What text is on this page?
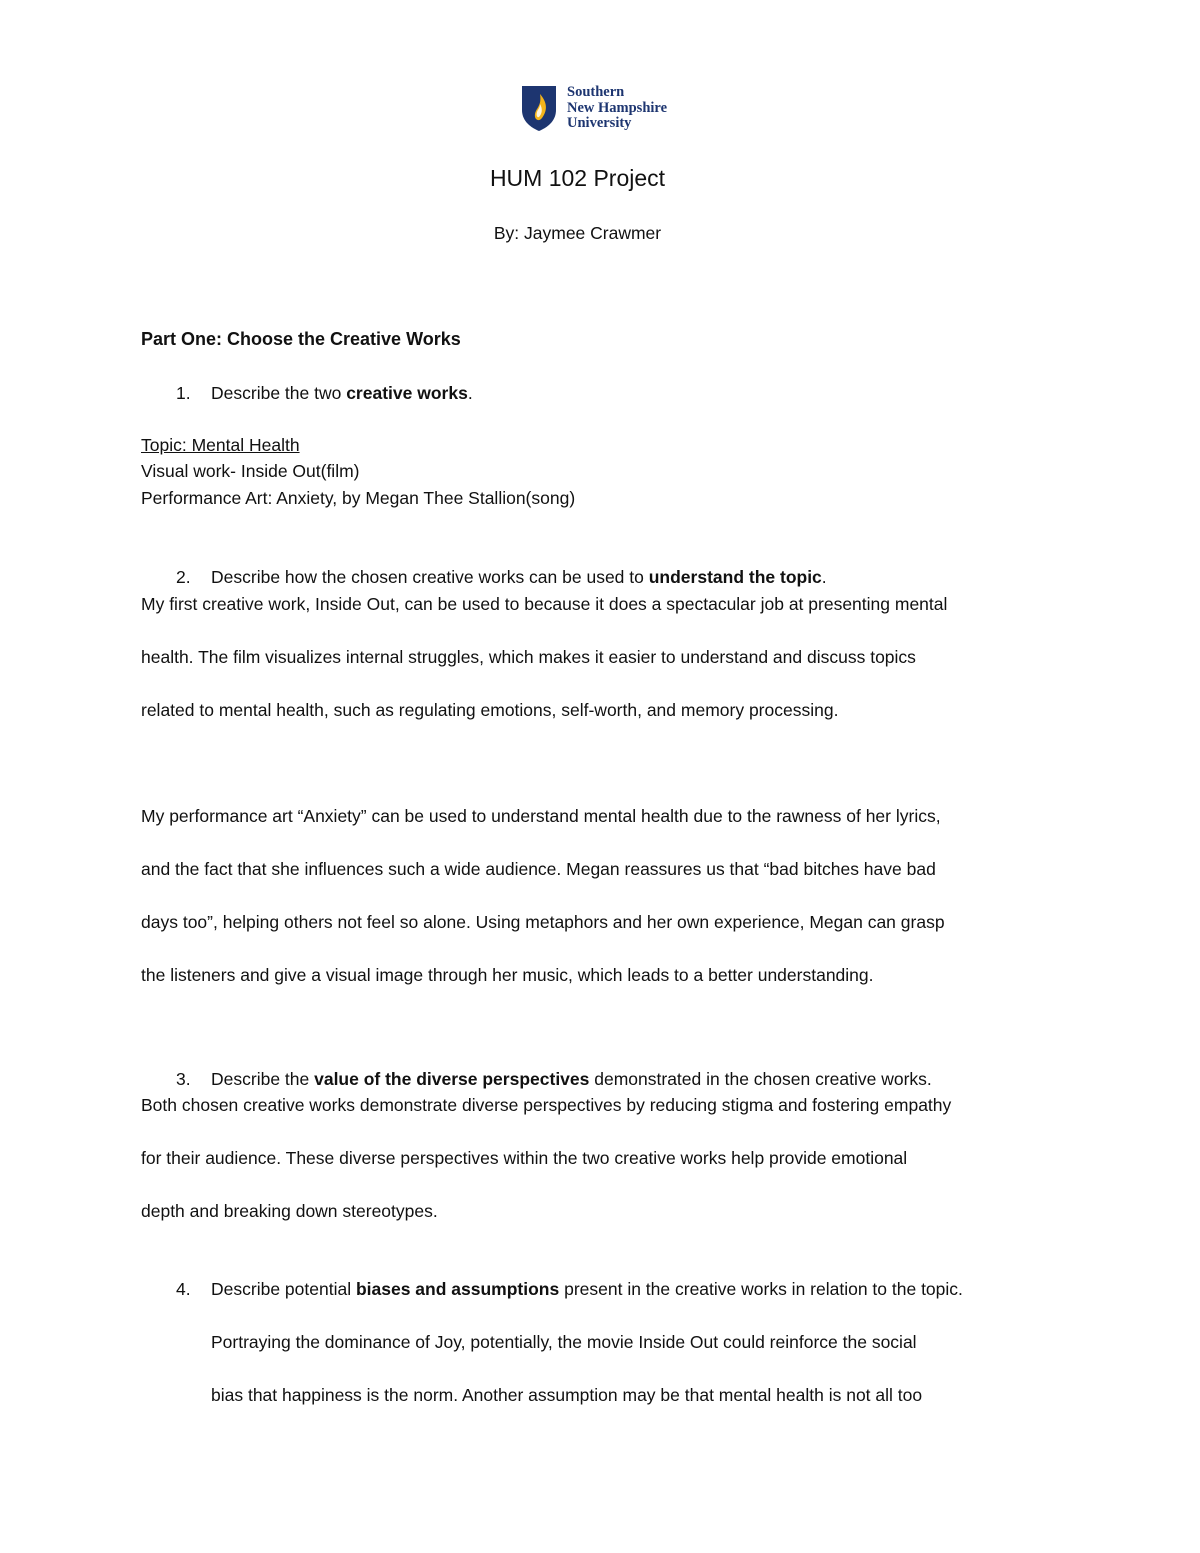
Southern
New Hampshire
University
HUM 102 Project
By: Jaymee Crawmer
Part One: Choose the Creative Works
1. Describe the two creative works.
Topic: Mental Health
Visual work- Inside Out(film)
Performance Art: Anxiety, by Megan Thee Stallion(song)
2. Describe how the chosen creative works can be used to understand the topic.

My first creative work, Inside Out, can be used to because it does a spectacular job at presenting mental

health. The film visualizes internal struggles, which makes it easier to understand and discuss topics

related to mental health, such as regulating emotions, self-worth, and memory processing.

My performance art “Anxiety” can be used to understand mental health due to the rawness of her lyrics,

and the fact that she influences such a wide audience. Megan reassures us that “bad bitches have bad

days too”, helping others not feel so alone. Using metaphors and her own experience, Megan can grasp

the listeners and give a visual image through her music, which leads to a better understanding.

3. Describe the value of the diverse perspectives demonstrated in the chosen creative works.

Both chosen creative works demonstrate diverse perspectives by reducing stigma and fostering empathy

for their audience. These diverse perspectives within the two creative works help provide emotional

depth and breaking down stereotypes.

4. Describe potential biases and assumptions present in the creative works in relation to the topic.

Portraying the dominance of Joy, potentially, the movie Inside Out could reinforce the social

bias that happiness is the norm. Another assumption may be that mental health is not all too
